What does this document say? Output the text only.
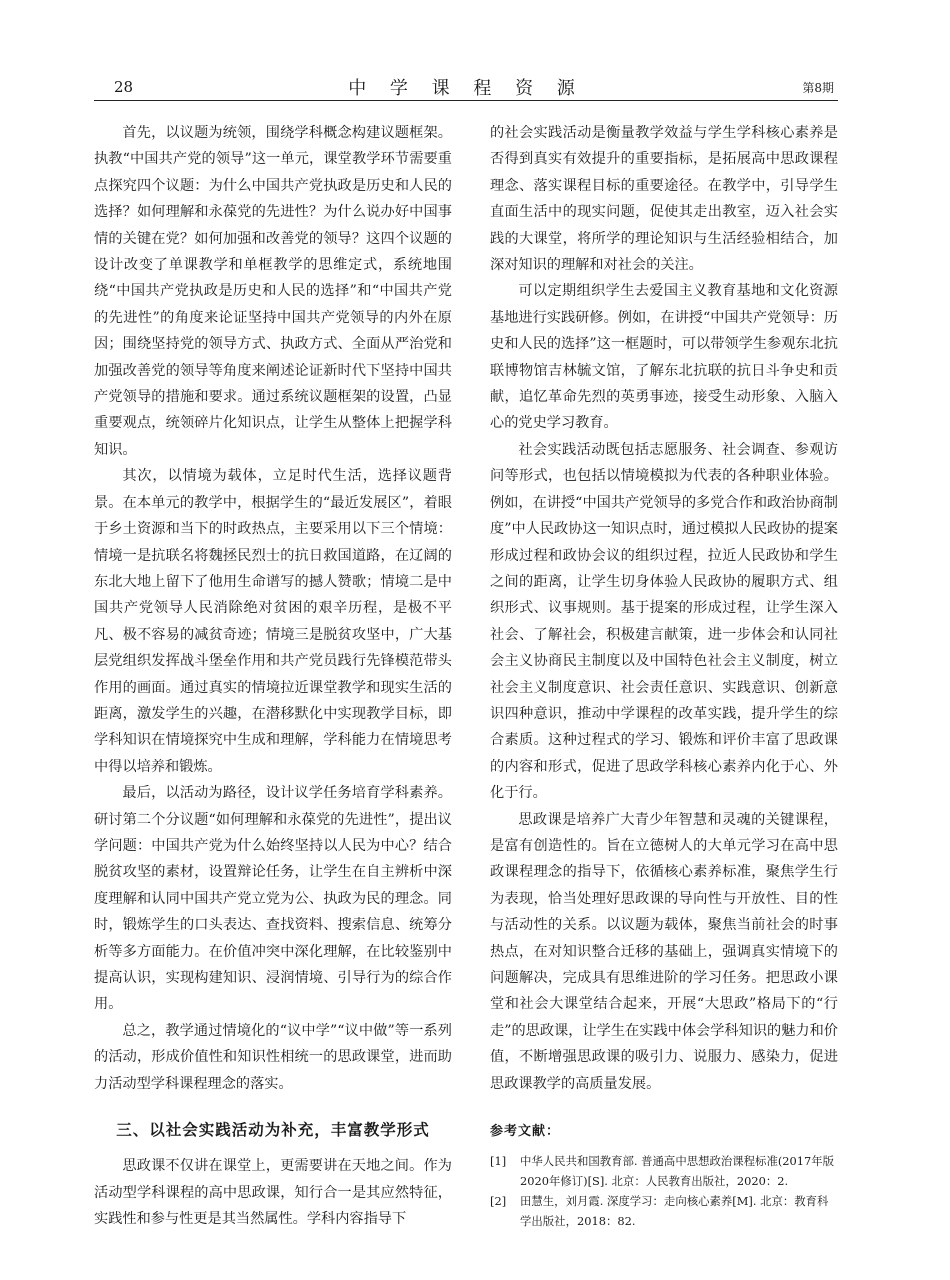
28	中 学 课 程 资 源	第8期

首先，以议题为统领，围绕学科概念构建议题框架。执教“中国共产党的领导”这一单元，课堂教学环节需要重点探究四个议题：为什么中国共产党执政是历史和人民的选择？如何理解和永葆党的先进性？为什么说办好中国事情的关键在党？如何加强和改善党的领导？这四个议题的设计改变了单课教学和单框教学的思维定式，系统地围绕“中国共产党执政是历史和人民的选择”和“中国共产党的先进性”的角度来论证坚持中国共产党领导的内外在原因；围绕坚持党的领导方式、执政方式、全面从严治党和加强改善党的领导等角度来阐述论证新时代下坚持中国共产党领导的措施和要求。通过系统议题框架的设置，凸显重要观点，统领碎片化知识点，让学生从整体上把握学科知识。

其次，以情境为载体，立足时代生活，选择议题背景。在本单元的教学中，根据学生的“最近发展区”，着眼于乡土资源和当下的时政热点，主要采用以下三个情境：情境一是抗联名将魏拯民烈士的抗日救国道路，在辽阔的东北大地上留下了他用生命谱写的撼人赞歌；情境二是中国共产党领导人民消除绝对贫困的艰辛历程，是极不平凡、极不容易的减贫奇迹；情境三是脱贫攻坚中，广大基层党组织发挥战斗堡垒作用和共产党员践行先锋模范带头作用的画面。通过真实的情境拉近课堂教学和现实生活的距离，激发学生的兴趣，在潜移默化中实现教学目标，即学科知识在情境探究中生成和理解，学科能力在情境思考中得以培养和锻炼。

最后，以活动为路径，设计议学任务培育学科素养。研讨第二个分议题“如何理解和永葆党的先进性”，提出议学问题：中国共产党为什么始终坚持以人民为中心？结合脱贫攻坚的素材，设置辩论任务，让学生在自主辨析中深度理解和认同中国共产党立党为公、执政为民的理念。同时，锻炼学生的口头表达、查找资料、搜索信息、统筹分析等多方面能力。在价值冲突中深化理解，在比较鉴别中提高认识，实现构建知识、浸润情境、引导行为的综合作用。

总之，教学通过情境化的“议中学”“议中做”等一系列的活动，形成价值性和知识性相统一的思政课堂，进而助力活动型学科课程理念的落实。

三、以社会实践活动为补充，丰富教学形式

思政课不仅讲在课堂上，更需要讲在天地之间。作为活动型学科课程的高中思政课，知行合一是其应然特征，实践性和参与性更是其当然属性。学科内容指导下

的社会实践活动是衡量教学效益与学生学科核心素养是否得到真实有效提升的重要指标，是拓展高中思政课程理念、落实课程目标的重要途径。在教学中，引导学生直面生活中的现实问题，促使其走出教室，迈入社会实践的大课堂，将所学的理论知识与生活经验相结合，加深对知识的理解和对社会的关注。

可以定期组织学生去爱国主义教育基地和文化资源基地进行实践研修。例如，在讲授“中国共产党领导：历史和人民的选择”这一框题时，可以带领学生参观东北抗联博物馆吉林毓文馆，了解东北抗联的抗日斗争史和贡献，追忆革命先烈的英勇事迹，接受生动形象、入脑入心的党史学习教育。

社会实践活动既包括志愿服务、社会调查、参观访问等形式，也包括以情境模拟为代表的各种职业体验。例如，在讲授“中国共产党领导的多党合作和政治协商制度”中人民政协这一知识点时，通过模拟人民政协的提案形成过程和政协会议的组织过程，拉近人民政协和学生之间的距离，让学生切身体验人民政协的履职方式、组织形式、议事规则。基于提案的形成过程，让学生深入社会、了解社会，积极建言献策，进一步体会和认同社会主义协商民主制度以及中国特色社会主义制度，树立社会主义制度意识、社会责任意识、实践意识、创新意识四种意识，推动中学课程的改革实践，提升学生的综合素质。这种过程式的学习、锻炼和评价丰富了思政课的内容和形式，促进了思政学科核心素养内化于心、外化于行。

思政课是培养广大青少年智慧和灵魂的关键课程，是富有创造性的。旨在立德树人的大单元学习在高中思政课程理念的指导下，依循核心素养标准，聚焦学生行为表现，恰当处理好思政课的导向性与开放性、目的性与活动性的关系。以议题为载体，聚焦当前社会的时事热点，在对知识整合迁移的基础上，强调真实情境下的问题解决，完成具有思维进阶的学习任务。把思政小课堂和社会大课堂结合起来，开展“大思政”格局下的“行走”的思政课，让学生在实践中体会学科知识的魅力和价值，不断增强思政课的吸引力、说服力、感染力，促进思政课教学的高质量发展。

参考文献：
[1]	中华人民共和国教育部. 普通高中思想政治课程标准(2017年版2020年修订)[S]. 北京：人民教育出版社，2020：2.
[2]	田慧生，刘月霞. 深度学习：走向核心素养[M]. 北京：教育科学出版社，2018：82.
